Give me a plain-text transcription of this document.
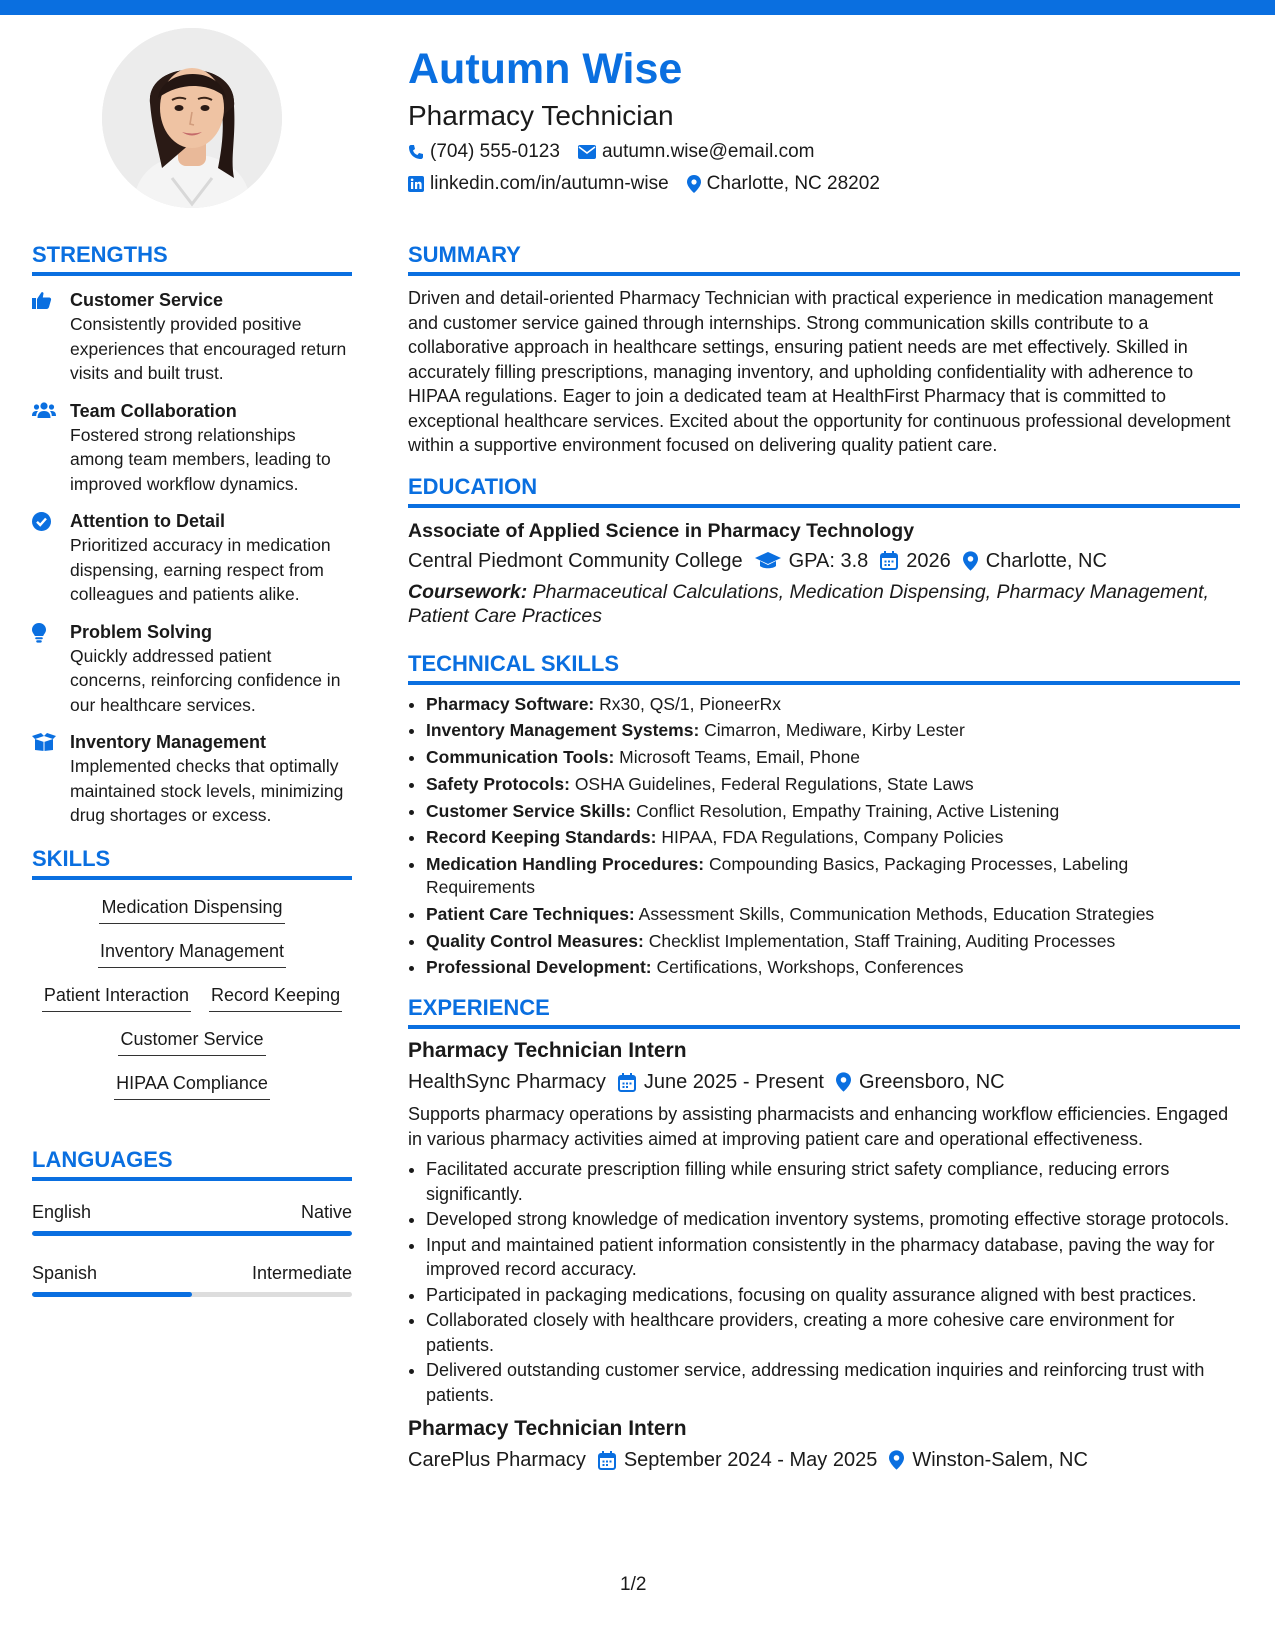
Autumn Wise
Pharmacy Technician
(704) 555-0123 autumn.wise@email.com
linkedin.com/in/autumn-wise Charlotte, NC 28202
STRENGTHS
Customer Service
Consistently provided positive experiences that encouraged return visits and built trust.
Team Collaboration
Fostered strong relationships among team members, leading to improved workflow dynamics.
Attention to Detail
Prioritized accuracy in medication dispensing, earning respect from colleagues and patients alike.
Problem Solving
Quickly addressed patient concerns, reinforcing confidence in our healthcare services.
Inventory Management
Implemented checks that optimally maintained stock levels, minimizing drug shortages or excess.
SKILLS
Medication Dispensing
Inventory Management
Patient Interaction Record Keeping
Customer Service
HIPAA Compliance
LANGUAGES
English	Native
Spanish	Intermediate
SUMMARY

Driven and detail-oriented Pharmacy Technician with practical experience in medication management and customer service gained through internships. Strong communication skills contribute to a collaborative approach in healthcare settings, ensuring patient needs are met effectively. Skilled in accurately filling prescriptions, managing inventory, and upholding confidentiality with adherence to HIPAA regulations. Eager to join a dedicated team at HealthFirst Pharmacy that is committed to exceptional healthcare services. Excited about the opportunity for continuous professional development within a supportive environment focused on delivering quality patient care.

EDUCATION
Associate of Applied Science in Pharmacy Technology
Central Piedmont Community College GPA: 3.8 2026 Charlotte, NC
Coursework: Pharmaceutical Calculations, Medication Dispensing, Pharmacy Management, Patient Care Practices
TECHNICAL SKILLS
• Pharmacy Software: Rx30, QS/1, PioneerRx
• Inventory Management Systems: Cimarron, Mediware, Kirby Lester
• Communication Tools: Microsoft Teams, Email, Phone
• Safety Protocols: OSHA Guidelines, Federal Regulations, State Laws
• Customer Service Skills: Conflict Resolution, Empathy Training, Active Listening
• Record Keeping Standards: HIPAA, FDA Regulations, Company Policies
• Medication Handling Procedures: Compounding Basics, Packaging Processes, Labeling Requirements
• Patient Care Techniques: Assessment Skills, Communication Methods, Education Strategies
• Quality Control Measures: Checklist Implementation, Staff Training, Auditing Processes
• Professional Development: Certifications, Workshops, Conferences
EXPERIENCE
Pharmacy Technician Intern
HealthSync Pharmacy June 2025 - Present Greensboro, NC
Supports pharmacy operations by assisting pharmacists and enhancing workflow efficiencies. Engaged in various pharmacy activities aimed at improving patient care and operational effectiveness.
• Facilitated accurate prescription filling while ensuring strict safety compliance, reducing errors significantly.
• Developed strong knowledge of medication inventory systems, promoting effective storage protocols.
• Input and maintained patient information consistently in the pharmacy database, paving the way for improved record accuracy.
• Participated in packaging medications, focusing on quality assurance aligned with best practices.
• Collaborated closely with healthcare providers, creating a more cohesive care environment for patients.
• Delivered outstanding customer service, addressing medication inquiries and reinforcing trust with patients.
Pharmacy Technician Intern
CarePlus Pharmacy September 2024 - May 2025 Winston-Salem, NC
1/2
